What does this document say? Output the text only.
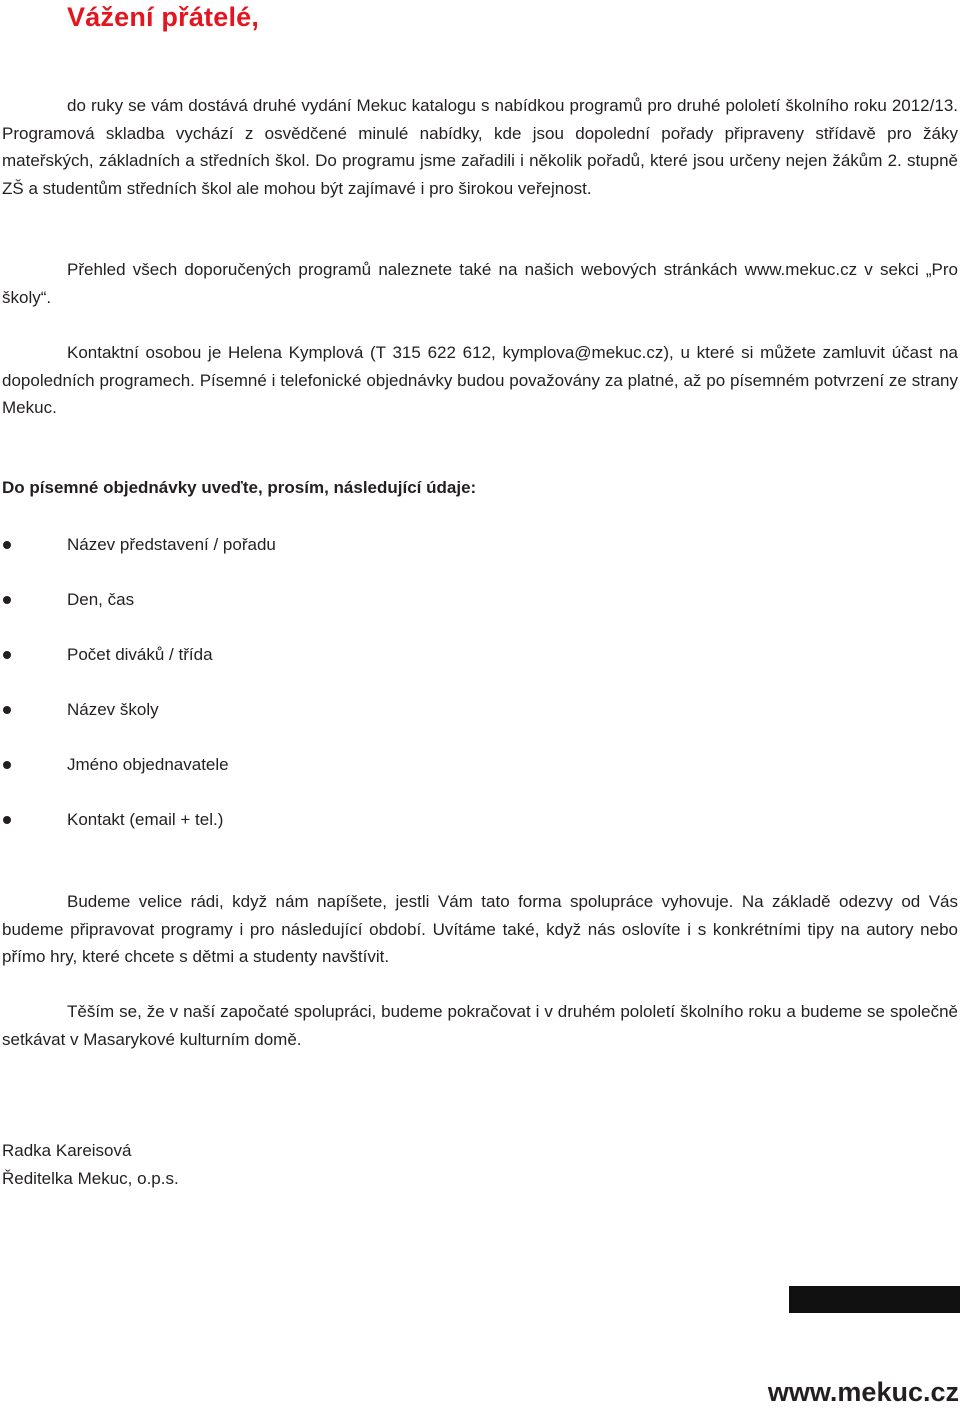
Vážení přátelé,

do ruky se vám dostává druhé vydání Mekuc katalogu s nabídkou programů pro druhé pololetí školního roku 2012/13. Programová skladba vychází z osvědčené minulé nabídky, kde jsou dopolední pořady připraveny střídavě pro žáky mateřských, základních a středních škol. Do programu jsme zařadili i několik pořadů, které jsou určeny nejen žákům 2. stupně ZŠ a studentům středních škol ale mohou být zajímavé i pro širokou veřejnost.

Přehled všech doporučených programů naleznete také na našich webových stránkách www.mekuc.cz v sekci „Pro školy“.

Kontaktní osobou je Helena Kymplová (T 315 622 612, kymplova@mekuc.cz), u které si můžete zamluvit účast na dopoledních programech. Písemné i telefonické objednávky budou považovány za platné, až po písemném potvrzení ze strany Mekuc.

Do písemné objednávky uveďte, prosím, následující údaje:
Název představení / pořadu
Den, čas
Počet diváků / třída
Název školy
Jméno objednavatele
Kontakt (email + tel.)

Budeme velice rádi, když nám napíšete, jestli Vám tato forma spolupráce vyhovuje. Na základě odezvy od Vás budeme připravovat programy i pro následující období. Uvítáme také, když nás oslovíte i s konkrétními tipy na autory nebo přímo hry, které chcete s dětmi a studenty navštívit.

Těším se, že v naší započaté spolupráci, budeme pokračovat i v druhém pololetí školního roku a budeme se společně setkávat v Masarykové kulturním domě.

Radka Kareisová
Ředitelka Mekuc, o.p.s.

www.mekuc.cz
